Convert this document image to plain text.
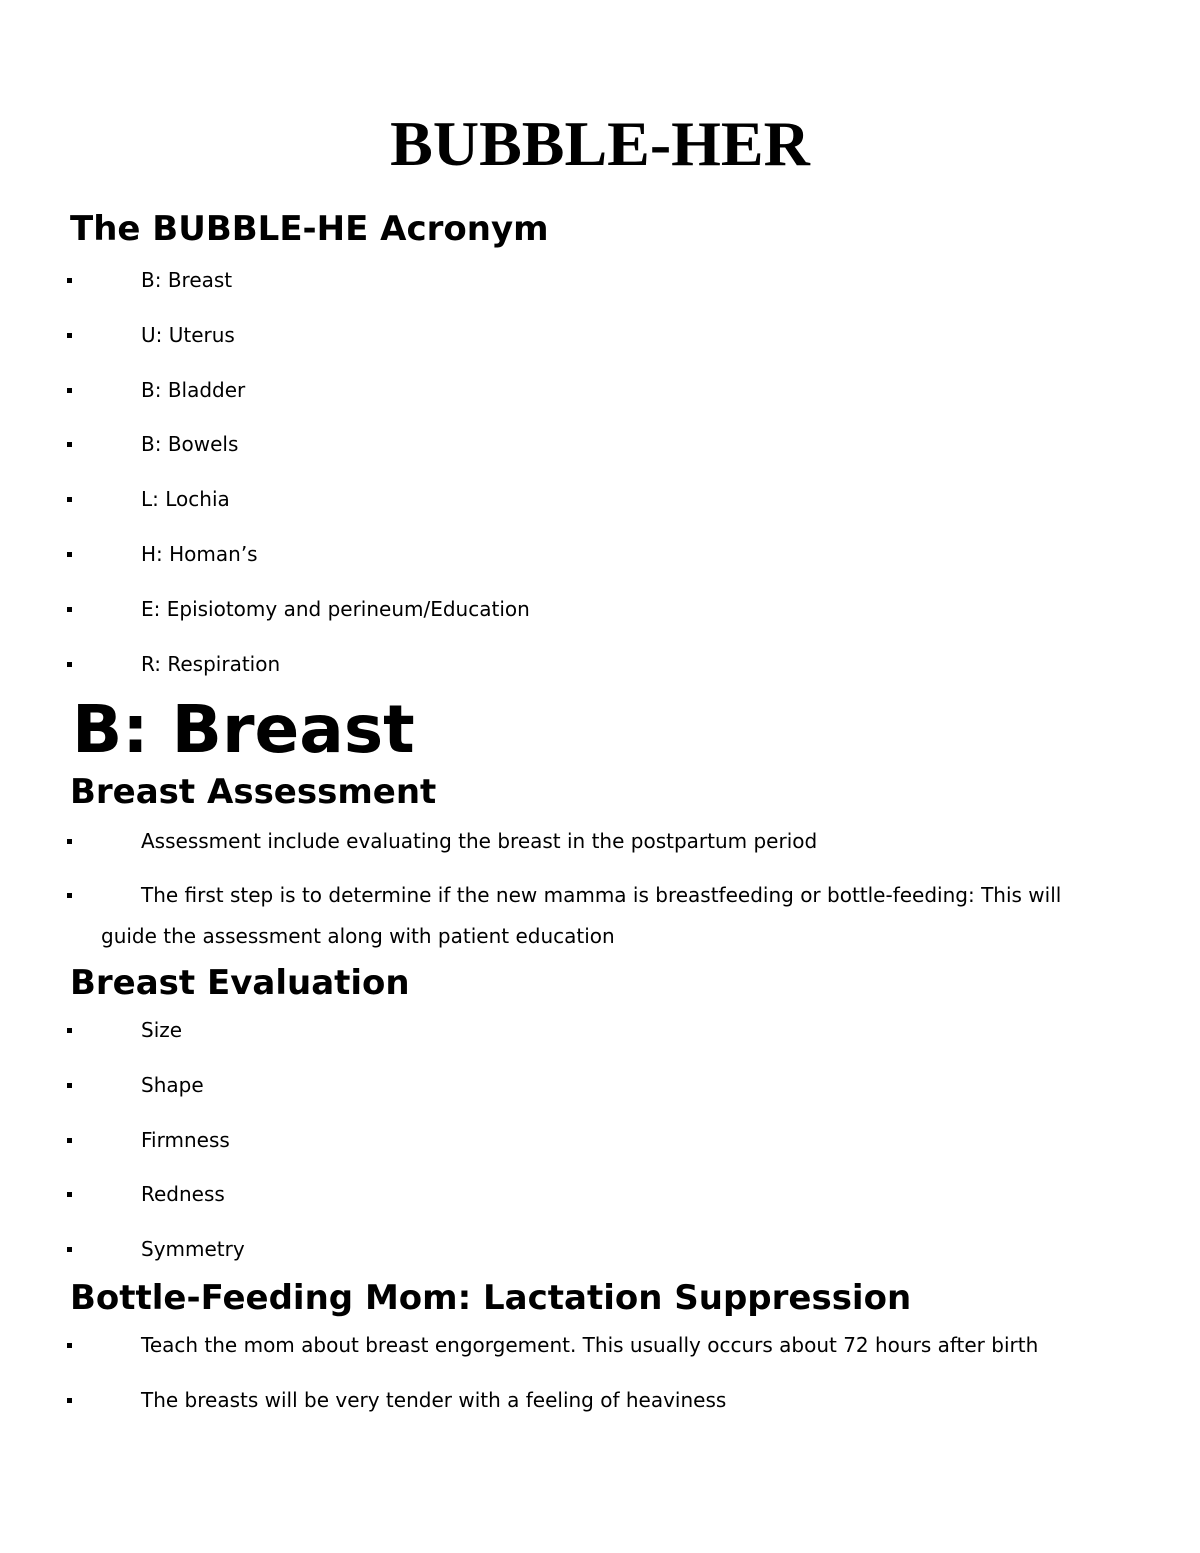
BUBBLE-HER
The BUBBLE-HE Acronym
B: Breast
U: Uterus
B: Bladder
B: Bowels
L: Lochia
H: Homan’s
E: Episiotomy and perineum/Education
R: Respiration
B: Breast
Breast Assessment
Assessment include evaluating the breast in the postpartum period
The first step is to determine if the new mamma is breastfeeding or bottle-feeding: This will
guide the assessment along with patient education
Breast Evaluation
Size
Shape
Firmness
Redness
Symmetry
Bottle-Feeding Mom: Lactation Suppression
Teach the mom about breast engorgement. This usually occurs about 72 hours after birth
The breasts will be very tender with a feeling of heaviness
